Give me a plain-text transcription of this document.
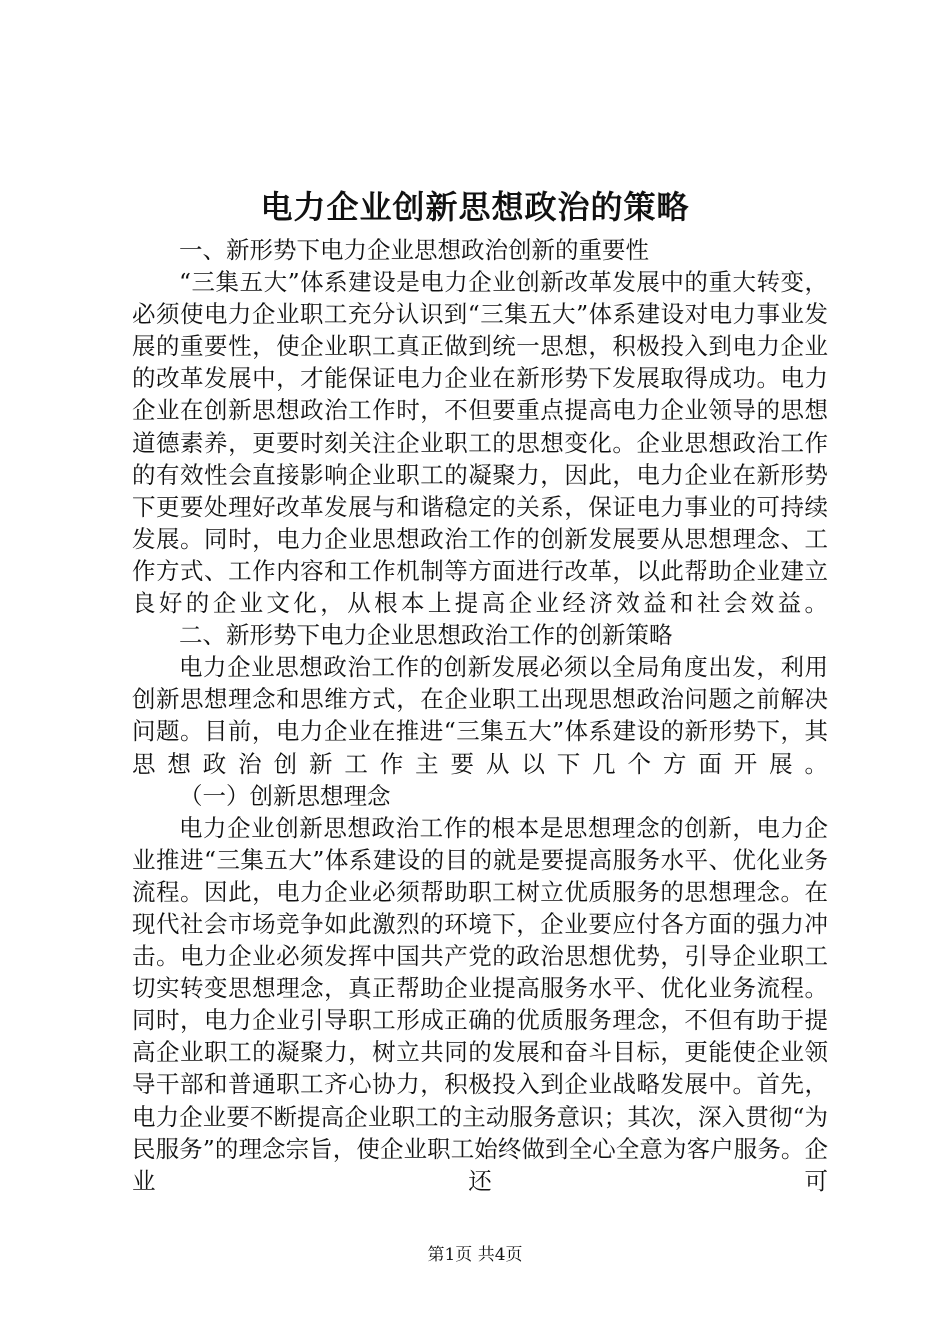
电力企业创新思想政治的策略

一、新形势下电力企业思想政治创新的重要性

“三集五大”体系建设是电力企业创新改革发展中的重大转变，必须使电力企业职工充分认识到“三集五大”体系建设对电力事业发展的重要性，使企业职工真正做到统一思想，积极投入到电力企业的改革发展中，才能保证电力企业在新形势下发展取得成功。电力企业在创新思想政治工作时，不但要重点提高电力企业领导的思想道德素养，更要时刻关注企业职工的思想变化。企业思想政治工作的有效性会直接影响企业职工的凝聚力，因此，电力企业在新形势下更要处理好改革发展与和谐稳定的关系，保证电力事业的可持续发展。同时，电力企业思想政治工作的创新发展要从思想理念、工作方式、工作内容和工作机制等方面进行改革，以此帮助企业建立良好的企业文化，从根本上提高企业经济效益和社会效益。

二、新形势下电力企业思想政治工作的创新策略

电力企业思想政治工作的创新发展必须以全局角度出发，利用创新思想理念和思维方式，在企业职工出现思想政治问题之前解决问题。目前，电力企业在推进“三集五大”体系建设的新形势下，其思想政治创新工作主要从以下几个方面开展。

（一）创新思想理念

电力企业创新思想政治工作的根本是思想理念的创新，电力企业推进“三集五大”体系建设的目的就是要提高服务水平、优化业务流程。因此，电力企业必须帮助职工树立优质服务的思想理念。在现代社会市场竞争如此激烈的环境下，企业要应付各方面的强力冲击。电力企业必须发挥中国共产党的政治思想优势，引导企业职工切实转变思想理念，真正帮助企业提高服务水平、优化业务流程。同时，电力企业引导职工形成正确的优质服务理念，不但有助于提高企业职工的凝聚力，树立共同的发展和奋斗目标，更能使企业领导干部和普通职工齐心协力，积极投入到企业战略发展中。首先，电力企业要不断提高企业职工的主动服务意识；其次，深入贯彻“为民服务”的理念宗旨，使企业职工始终做到全心全意为客户服务。企业还可

第1页 共4页
